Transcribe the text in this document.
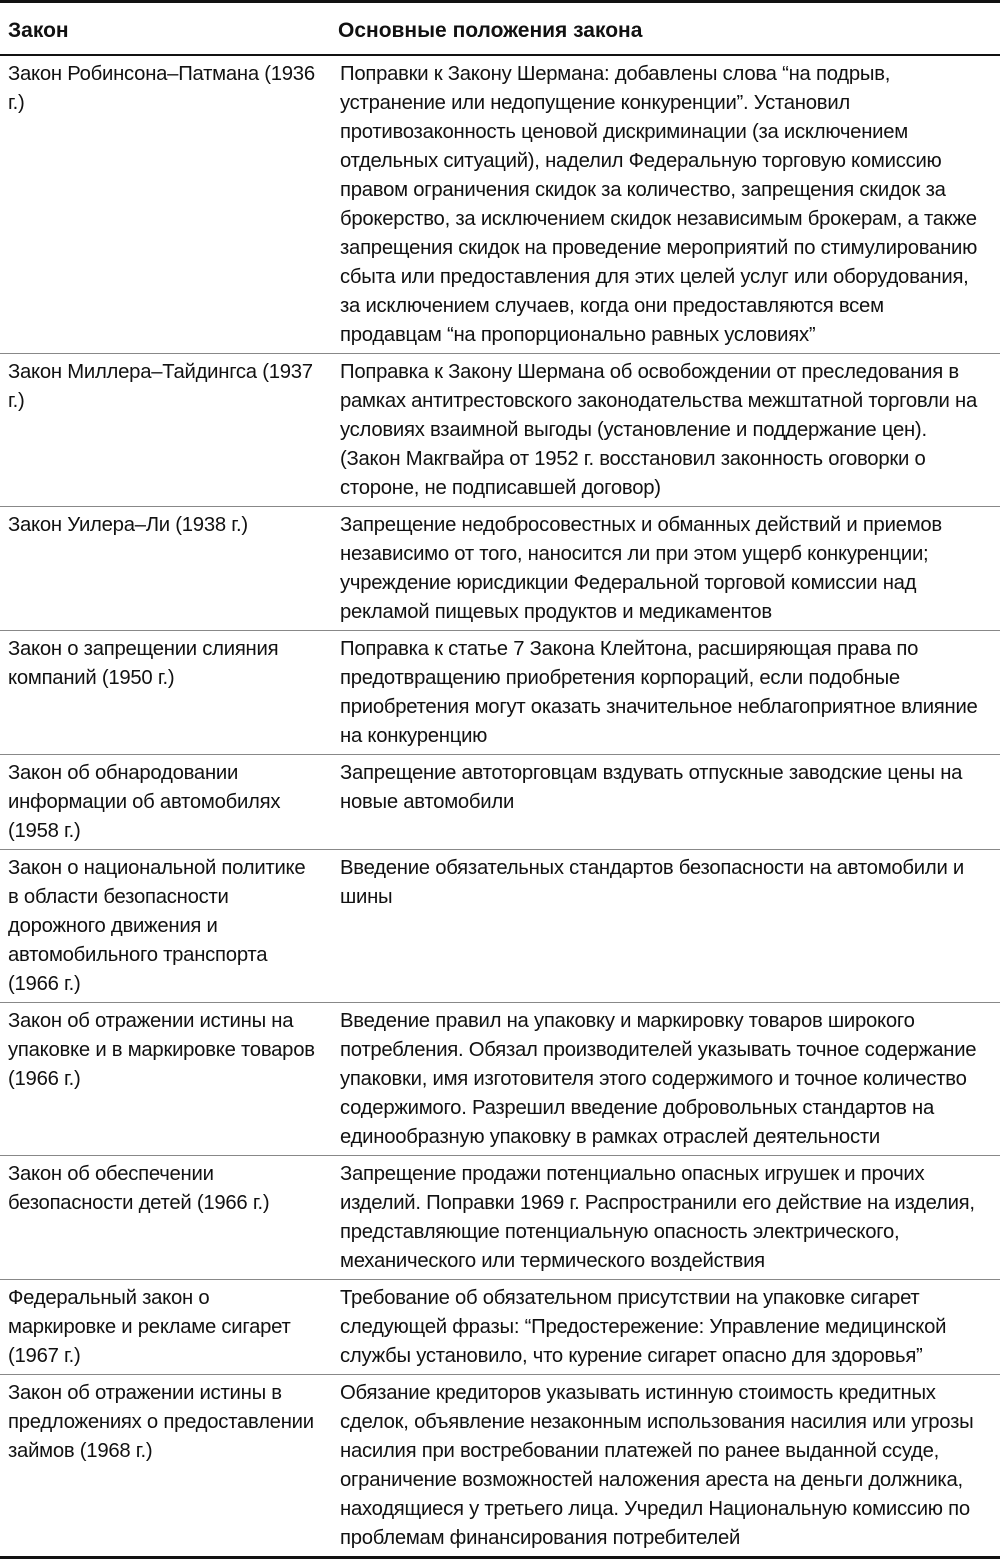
Закон	Основные положения закона
Закон Робинсона–Патмана (1936 г.)	Поправки к Закону Шермана: добавлены слова “на подрыв, устранение или недопущение конкуренции”. Установил противозаконность ценовой дискриминации (за исключением отдельных ситуаций), наделил Федеральную торговую комиссию правом ограничения скидок за количество, запрещения скидок за брокерство, за исключением скидок независимым брокерам, а также запрещения скидок на проведение мероприятий по стимулированию сбыта или предоставления для этих целей услуг или оборудования, за исключением случаев, когда они предоставляются всем продавцам “на пропорционально равных условиях”
Закон Миллера–Тайдингса (1937 г.)	Поправка к Закону Шермана об освобождении от преследования в рамках антитрестовского законодательства межштатной торговли на условиях взаимной выгоды (установление и поддержание цен). (Закон Макгвайра от 1952 г. восстановил законность оговорки о стороне, не подписавшей договор)
Закон Уилера–Ли (1938 г.)	Запрещение недобросовестных и обманных действий и приемов независимо от того, наносится ли при этом ущерб конкуренции; учреждение юрисдикции Федеральной торговой комиссии над рекламой пищевых продуктов и медикаментов
Закон о запрещении слияния компаний (1950 г.)	Поправка к статье 7 Закона Клейтона, расширяющая права по предотвращению приобретения корпораций, если подобные приобретения могут оказать значительное неблагоприятное влияние на конкуренцию
Закон об обнародовании информации об автомобилях (1958 г.)	Запрещение автоторговцам вздувать отпускные заводские цены на новые автомобили
Закон о национальной политике в области безопасности дорожного движения и автомобильного транспорта (1966 г.)	Введение обязательных стандартов безопасности на автомобили и шины
Закон об отражении истины на упаковке и в маркировке товаров (1966 г.)	Введение правил на упаковку и маркировку товаров широкого потребления. Обязал производителей указывать точное содержание упаковки, имя изготовителя этого содержимого и точное количество содержимого. Разрешил введение добровольных стандартов на единообразную упаковку в рамках отраслей деятельности
Закон об обеспечении безопасности детей (1966 г.)	Запрещение продажи потенциально опасных игрушек и прочих изделий. Поправки 1969 г. Распространили его действие на изделия, представляющие потенциальную опасность электрического, механического или термического воздействия
Федеральный закон о маркировке и рекламе сигарет (1967 г.)	Требование об обязательном присутствии на упаковке сигарет следующей фразы: “Предостережение: Управление медицинской службы установило, что курение сигарет опасно для здоровья”
Закон об отражении истины в предложениях о предоставлении займов (1968 г.)	Обязание кредиторов указывать истинную стоимость кредитных сделок, объявление незаконным использования насилия или угрозы насилия при востребовании платежей по ранее выданной ссуде, ограничение возможностей наложения ареста на деньги должника, находящиеся у третьего лица. Учредил Национальную комиссию по проблемам финансирования потребителей
